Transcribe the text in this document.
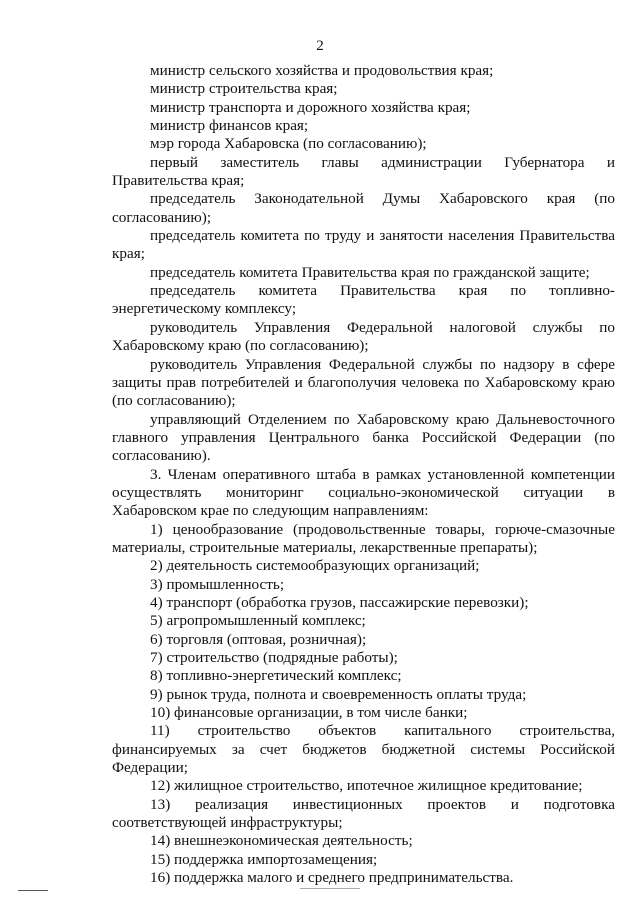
2

министр сельского хозяйства и продовольствия края;

министр строительства края;

министр транспорта и дорожного хозяйства края;

министр финансов края;

мэр города Хабаровска (по согласованию);

первый заместитель главы администрации Губернатора и Правительства края;

председатель Законодательной Думы Хабаровского края (по согласованию);

председатель комитета по труду и занятости населения Правительства края;

председатель комитета Правительства края по гражданской защите;

председатель комитета Правительства края по топливно-энергетическому комплексу;

руководитель Управления Федеральной налоговой службы по Хабаровскому краю (по согласованию);

руководитель Управления Федеральной службы по надзору в сфере защиты прав потребителей и благополучия человека по Хабаровскому краю (по согласованию);

управляющий Отделением по Хабаровскому краю Дальневосточного главного управления Центрального банка Российской Федерации (по согласованию).

3. Членам оперативного штаба в рамках установленной компетенции осуществлять мониторинг социально-экономической ситуации в Хабаровском крае по следующим направлениям:

1) ценообразование (продовольственные товары, горюче-смазочные материалы, строительные материалы, лекарственные препараты);

2) деятельность системообразующих организаций;

3) промышленность;

4) транспорт (обработка грузов, пассажирские перевозки);

5) агропромышленный комплекс;

6) торговля (оптовая, розничная);

7) строительство (подрядные работы);

8) топливно-энергетический комплекс;

9) рынок труда, полнота и своевременность оплаты труда;

10) финансовые организации, в том числе банки;

11) строительство объектов капитального строительства, финансируемых за счет бюджетов бюджетной системы Российской Федерации;

12) жилищное строительство, ипотечное жилищное кредитование;

13) реализация инвестиционных проектов и подготовка соответствующей инфраструктуры;

14) внешнеэкономическая деятельность;

15) поддержка импортозамещения;

16) поддержка малого и среднего предпринимательства.
